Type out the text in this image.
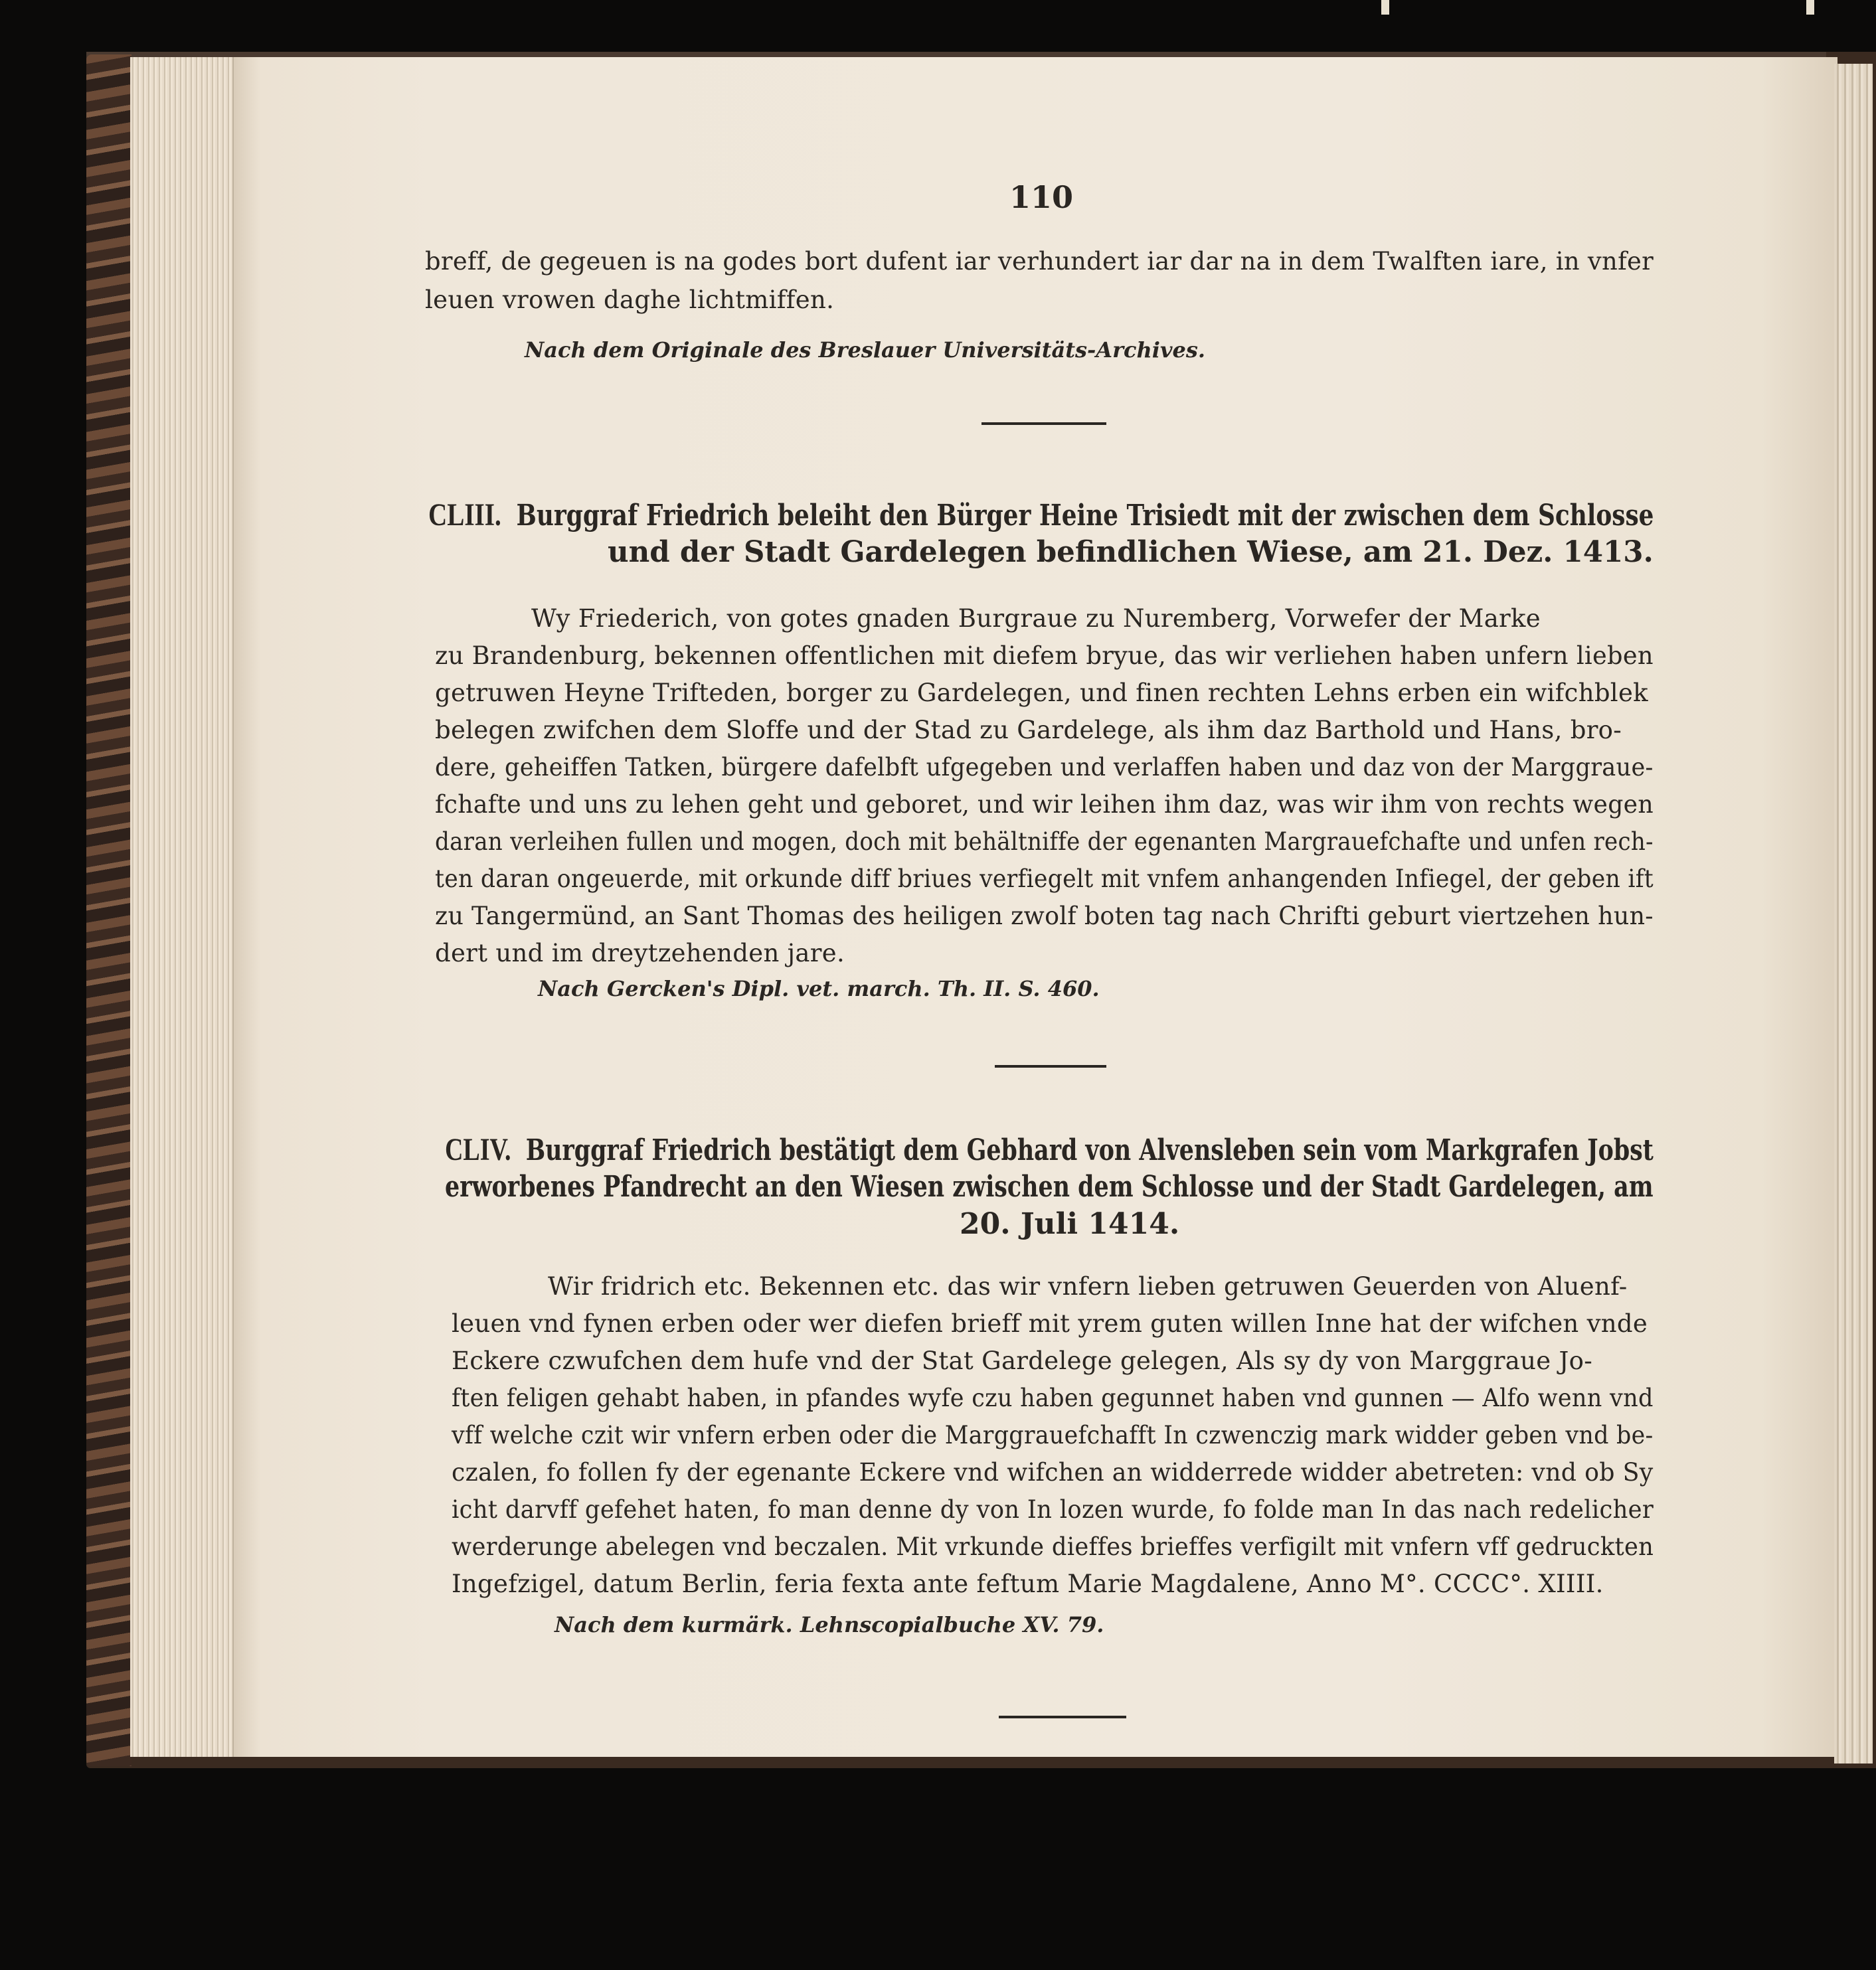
110
breff, de gegeuen is na godes bort dufent iar verhundert iar dar na in dem Twalften iare, in vnfer
leuen vrowen daghe lichtmiffen.
Nach dem Originale des Breslauer Universitäts-Archives.
CLIII. Burggraf Friedrich beleiht den Bürger Heine Trisiedt mit der zwischen dem Schlosse
und der Stadt Gardelegen befindlichen Wiese, am 21. Dez. 1413.
Wy Friederich, von gotes gnaden Burgraue zu Nuremberg, Vorwefer der Marke
zu Brandenburg, bekennen offentlichen mit diefem bryue, das wir verliehen haben unfern lieben
getruwen Heyne Trifteden, borger zu Gardelegen, und finen rechten Lehns erben ein wifchblek
belegen zwifchen dem Sloffe und der Stad zu Gardelege, als ihm daz Barthold und Hans, bro-
dere, geheiffen Tatken, bürgere dafelbft ufgegeben und verlaffen haben und daz von der Marggraue-
fchafte und uns zu lehen geht und geboret, und wir leihen ihm daz, was wir ihm von rechts wegen
daran verleihen fullen und mogen, doch mit behältniffe der egenanten Margrauefchafte und unfen rech-
ten daran ongeuerde, mit orkunde diff briues verfiegelt mit vnfem anhangenden Infiegel, der geben ift
zu Tangermünd, an Sant Thomas des heiligen zwolf boten tag nach Chrifti geburt viertzehen hun-
dert und im dreytzehenden jare.
Nach Gercken's Dipl. vet. march. Th. II. S. 460.
CLIV. Burggraf Friedrich bestätigt dem Gebhard von Alvensleben sein vom Markgrafen Jobst
erworbenes Pfandrecht an den Wiesen zwischen dem Schlosse und der Stadt Gardelegen, am
20. Juli 1414.
Wir fridrich etc. Bekennen etc. das wir vnfern lieben getruwen Geuerden von Aluenf-
leuen vnd fynen erben oder wer diefen brieff mit yrem guten willen Inne hat der wifchen vnde
Eckere czwufchen dem hufe vnd der Stat Gardelege gelegen, Als sy dy von Marggraue Jo-
ften feligen gehabt haben, in pfandes wyfe czu haben gegunnet haben vnd gunnen — Alfo wenn vnd
vff welche czit wir vnfern erben oder die Marggrauefchafft In czwenczig mark widder geben vnd be-
czalen, fo follen fy der egenante Eckere vnd wifchen an widderrede widder abetreten: vnd ob Sy
icht darvff gefehet haten, fo man denne dy von In lozen wurde, fo folde man In das nach redelicher
werderunge abelegen vnd beczalen. Mit vrkunde dieffes brieffes verfigilt mit vnfern vff gedruckten
Ingefzigel, datum Berlin, feria fexta ante feftum Marie Magdalene, Anno M°. CCCC°. XIIII.
Nach dem kurmärk. Lehnscopialbuche XV. 79.
